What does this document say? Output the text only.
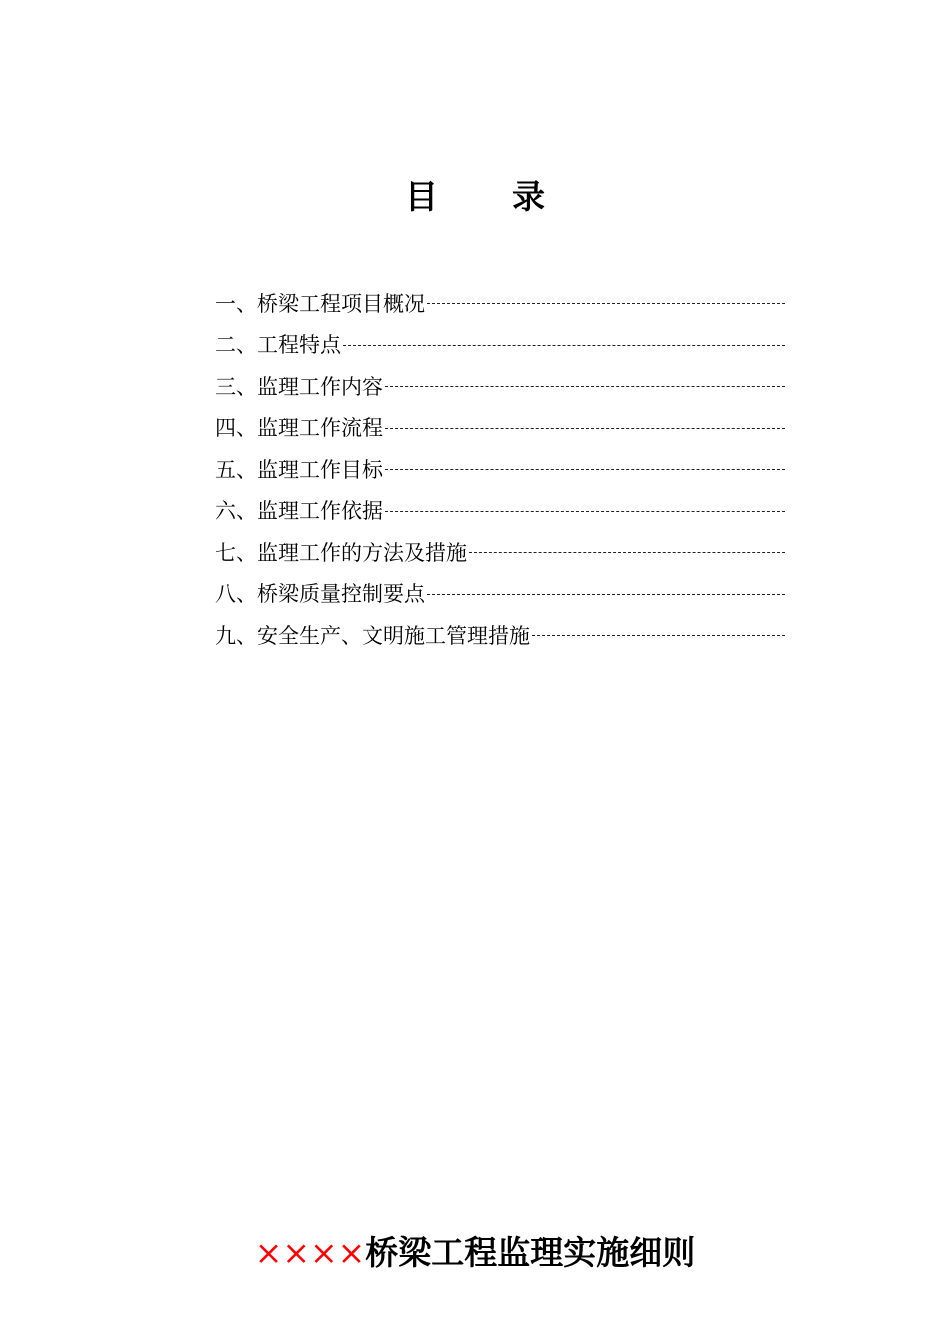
目 录
一、桥梁工程项目概况
二、工程特点
三、监理工作内容
四、监理工作流程
五、监理工作目标
六、监理工作依据
七、监理工作的方法及措施
八、桥梁质量控制要点
九、安全生产、文明施工管理措施
××××桥梁工程监理实施细则
